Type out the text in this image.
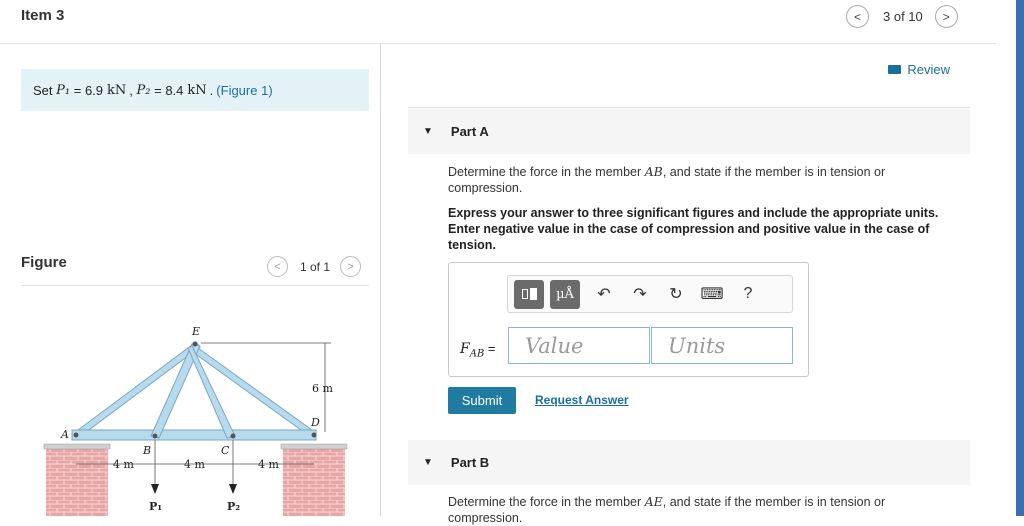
Item 3	<	3 of 10	>
Set
P₁
= 6.9 kN ,
P₂
= 8.4 kN . (Figure 1)
Figure	<	1 of 1	>
E
A
B	C
D
6 m
4 m	4 m	4 m
P₁	P₂
Review
▼ Part A
Determine the force in the member AB, and state if the member is in tension or compression.
Express your answer to three significant figures and include the appropriate units. Enter negative value in the case of compression and positive value in the case of tension.
µÅ	↶	↷	↻	⌨	?
$F_{AB}$ =	Value	Units
Submit	Request Answer
▼ Part B
Determine the force in the member AE, and state if the member is in tension or compression.
